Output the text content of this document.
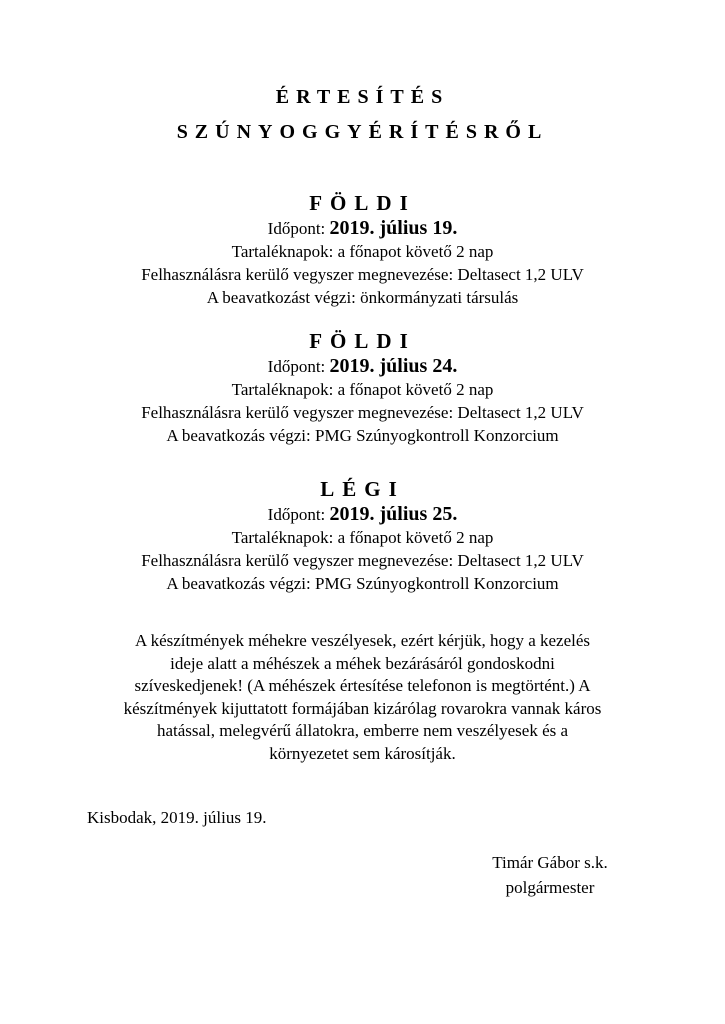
ÉRTESÍTÉS
SZÚNYOGGYÉRÍTÉSRŐL
FÖLDI
Időpont: 2019. július 19.
Tartaléknapok: a főnapot követő 2 nap
Felhasználásra kerülő vegyszer megnevezése: Deltasect 1,2 ULV
A beavatkozást végzi: önkormányzati társulás
FÖLDI
Időpont: 2019. július 24.
Tartaléknapok: a főnapot követő 2 nap
Felhasználásra kerülő vegyszer megnevezése: Deltasect 1,2 ULV
A beavatkozás végzi: PMG Szúnyogkontroll Konzorcium
LÉGI
Időpont: 2019. július 25.
Tartaléknapok: a főnapot követő 2 nap
Felhasználásra kerülő vegyszer megnevezése: Deltasect 1,2 ULV
A beavatkozás végzi: PMG Szúnyogkontroll Konzorcium
A készítmények méhekre veszélyesek, ezért kérjük, hogy a kezelés
ideje alatt a méhészek a méhek bezárásáról gondoskodni
szíveskedjenek! (A méhészek értesítése telefonon is megtörtént.) A
készítmények kijuttatott formájában kizárólag rovarokra vannak káros
hatással, melegvérű állatokra, emberre nem veszélyesek és a
környezetet sem károsítják.
Kisbodak, 2019. július 19.
Timár Gábor s.k.
polgármester
